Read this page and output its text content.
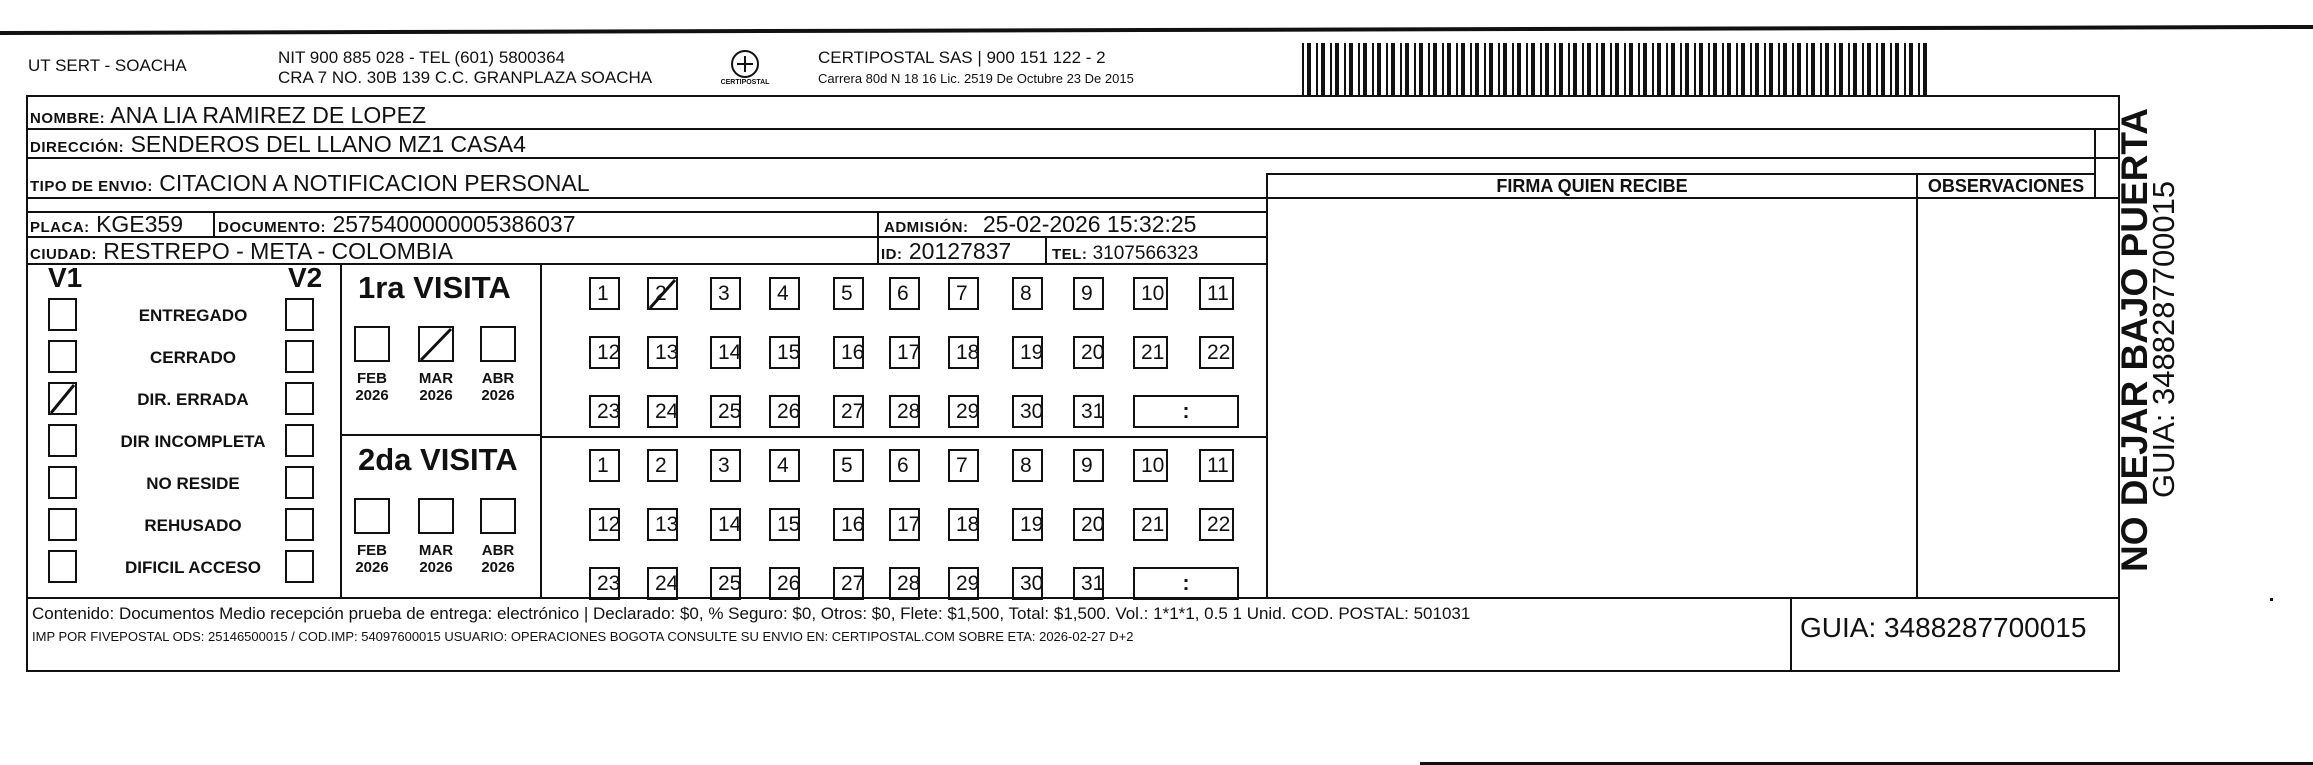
UT SERT - SOACHA	NIT 900 885 028 - TEL (601) 5800364
CRA 7 NO. 30B 139 C.C. GRANPLAZA SOACHA	CERTIPOSTAL
CERTIPOSTAL SAS | 900 151 122 - 2
Carrera 80d N 18 16 Lic. 2519 De Octubre 23 De 2015
NOMBRE: ANA LIA RAMIREZ DE LOPEZ
DIRECCIÓN: SENDEROS DEL LLANO MZ1 CASA4
TIPO DE ENVIO: CITACION A NOTIFICACION PERSONAL
PLACA: KGE359 DOCUMENTO: 2575400000005386037	ADMISIÓN: 25-02-2026 15:32:25
CIUDAD: RESTREPO - META - COLOMBIA	ID: 20127837	TEL: 3107566323
FIRMA QUIEN RECIBE	OBSERVACIONES
V1	V2
Contenido: Documentos Medio recepción prueba de entrega: electrónico | Declarado: $0, % Seguro: $0, Otros: $0, Flete: $1,500, Total: $1,500. Vol.: 1*1*1, 0.5 1 Unid. COD. POSTAL: 501031
IMP POR FIVEPOSTAL ODS: 25146500015 / COD.IMP: 54097600015 USUARIO: OPERACIONES BOGOTA CONSULTE SU ENVIO EN: CERTIPOSTAL.COM SOBRE ETA: 2026-02-27 D+2	GUIA: 3488287700015
NO DEJAR BAJO PUERTA
GUIA: 3488287700015
ENTREGADO
CERRADO
DIR. ERRADA
DIR INCOMPLETA
NO RESIDE
REHUSADO
DIFICIL ACCESO
1ra VISITA
FEB
2026
MAR
2026
ABR
2026
1	2	3	4	5	6	7	8	9	10	11
12	13	14	15	16	17	18	19	20	21	22
23	24	25	26	27	28	29	30	31	:
2da VISITA
FEB
2026
MAR
2026
ABR
2026
1	2	3	4	5	6	7	8	9	10	11
12	13	14	15	16	17	18	19	20	21	22
23	24	25	26	27	28	29	30	31	:
